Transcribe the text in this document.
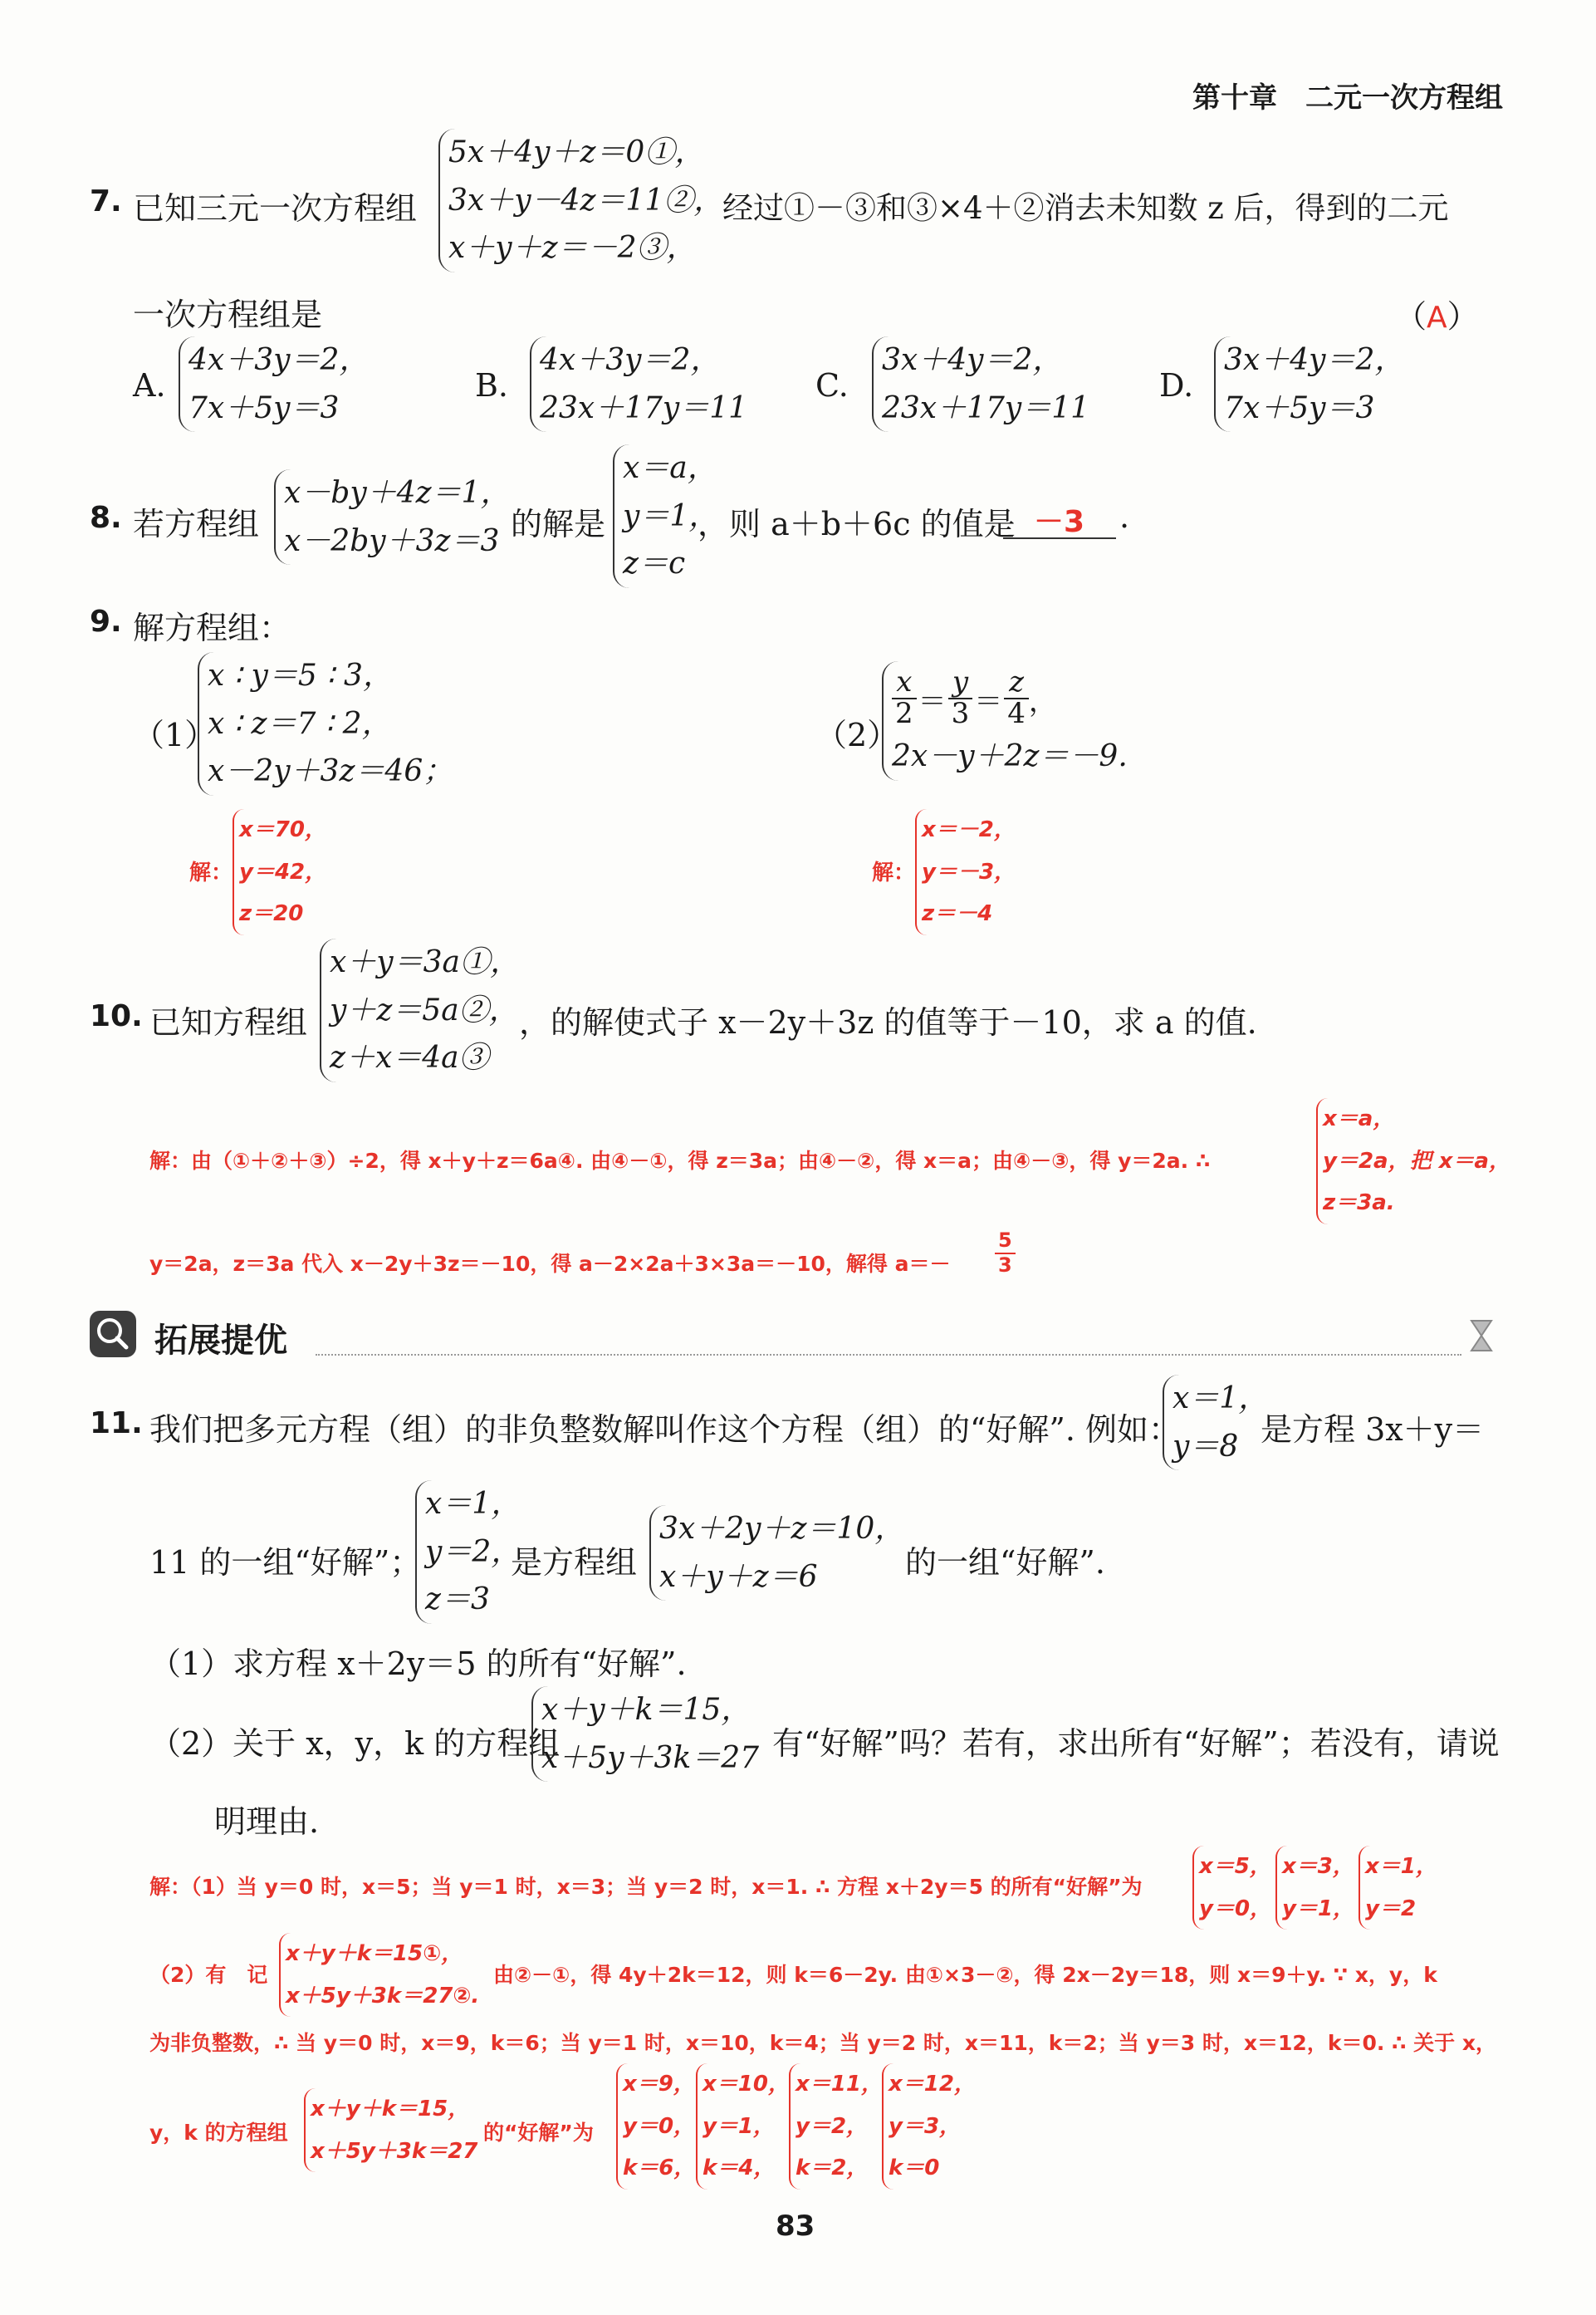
第十章　二元一次方程组
7. 已知三元一次方程组
5x＋4y＋z＝0①，
3x＋y－4z＝11②，
x＋y＋z＝－2③，
经过①－③和③×4＋②消去未知数 z 后，得到的二元
一次方程组是	（A）
A.
4x＋3y＝2，
7x＋5y＝3
B.
4x＋3y＝2，
23x＋17y＝11
C.
3x＋4y＝2，
23x＋17y＝11
D.
3x＋4y＝2，
7x＋5y＝3
8. 若方程组
x－by＋4z＝1，
x－2by＋3z＝3 的解是
x＝a，
y＝1，
z＝c
，则 a＋b＋6c 的值是 －3 .
9. 解方程组：
（1）
x ∶ y＝5 ∶ 3，
x ∶ z＝7 ∶ 2，
x－2y＋3z＝46；
解：
x＝70，
y＝42，
z＝20
（2）
$\frac{x}{2} = \frac{y}{3} = \frac{z}{4}$ ，
2x－y＋2z＝－9.
解：
x＝－2，
y＝－3，
z＝－4
10. 已知方程组
x＋y＝3a①，
y＋z＝5a②，
z＋x＝4a③
，的解使式子 x－2y＋3z 的值等于－10，求 a 的值.
解：由（①＋②＋③）÷2，得 x＋y＋z＝6a④. 由④－①，得 z＝3a；由④－②，得 x＝a；由④－③，得 y＝2a. ∴
x＝a，
y＝2a，把 x＝a，
z＝3a.
y＝2a，z＝3a 代入 x－2y＋3z＝－10，得 a－2×2a＋3×3a＝－10，解得 $a=- \frac{5}{3}$
拓展提优
11. 我们把多元方程（组）的非负整数解叫作这个方程（组）的“好解”. 例如：
x＝1，
y＝8 是方程 3x＋y＝
11 的一组“好解”；
x＝1，
y＝2，
z＝3
是方程组
3x＋2y＋z＝10，
x＋y＋z＝6	的一组“好解”.
（1）求方程 x＋2y＝5 的所有“好解”.
（2）关于 x，y，k 的方程组
x＋y＋k＝15，
x＋5y＋3k＝27 有“好解”吗？若有，求出所有“好解”；若没有，请说
明理由.
解：（1）当 y＝0 时，x＝5；当 y＝1 时，x＝3；当 y＝2 时，x＝1. ∴ 方程 x＋2y＝5 的所有“好解”为
x＝5，
y＝0，
x＝3，
y＝1，
x＝1，
y＝2
（2）有　记
x＋y＋k＝15①，
x＋5y＋3k＝27②.
由②－①，得 4y＋2k＝12，则 k＝6－2y. 由①×3－②，得 2x－2y＝18，则 x＝9＋y. ∵ x，y，k
为非负整数，∴ 当 y＝0 时，x＝9，k＝6；当 y＝1 时，x＝10，k＝4；当 y＝2 时，x＝11，k＝2；当 y＝3 时，x＝12，k＝0. ∴ 关于 x，
y，k 的方程组
x＋y＋k＝15，
x＋5y＋3k＝27
的“好解”为
x＝9，
y＝0，
k＝6，
x＝10，
y＝1，
k＝4，
x＝11，
y＝2，
k＝2，
x＝12，
y＝3，
k＝0
83
